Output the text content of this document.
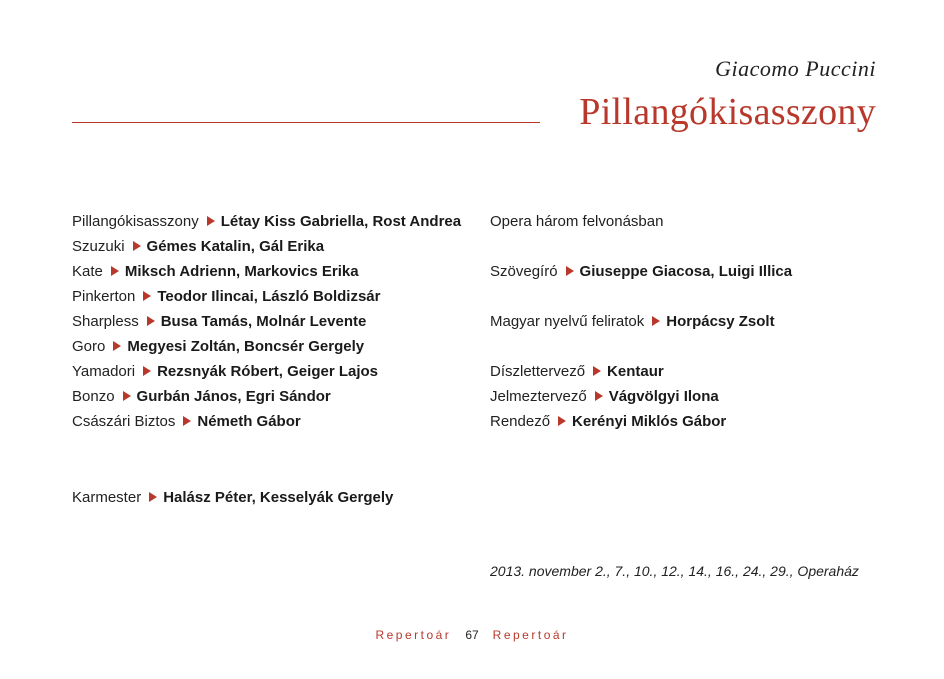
Giacomo Puccini
Pillangókisasszony
Pillangókisasszony Létay Kiss Gabriella, Rost Andrea
Szuzuki Gémes Katalin, Gál Erika
Kate Miksch Adrienn, Markovics Erika
Pinkerton Teodor Ilincai, László Boldizsár
Sharpless Busa Tamás, Molnár Levente
Goro Megyesi Zoltán, Boncsér Gergely
Yamadori Rezsnyák Róbert, Geiger Lajos
Bonzo Gurbán János, Egri Sándor
Császári Biztos Németh Gábor
Karmester Halász Péter, Kesselyák Gergely
Opera három felvonásban
Szövegíró Giuseppe Giacosa, Luigi Illica
Magyar nyelvű feliratok Horpácsy Zsolt
Díszlettervező Kentaur
Jelmeztervező Vágvölgyi Ilona
Rendező Kerényi Miklós Gábor
2013. november 2., 7., 10., 12., 14., 16., 24., 29., Operaház
Repertoár 67 Repertoár
